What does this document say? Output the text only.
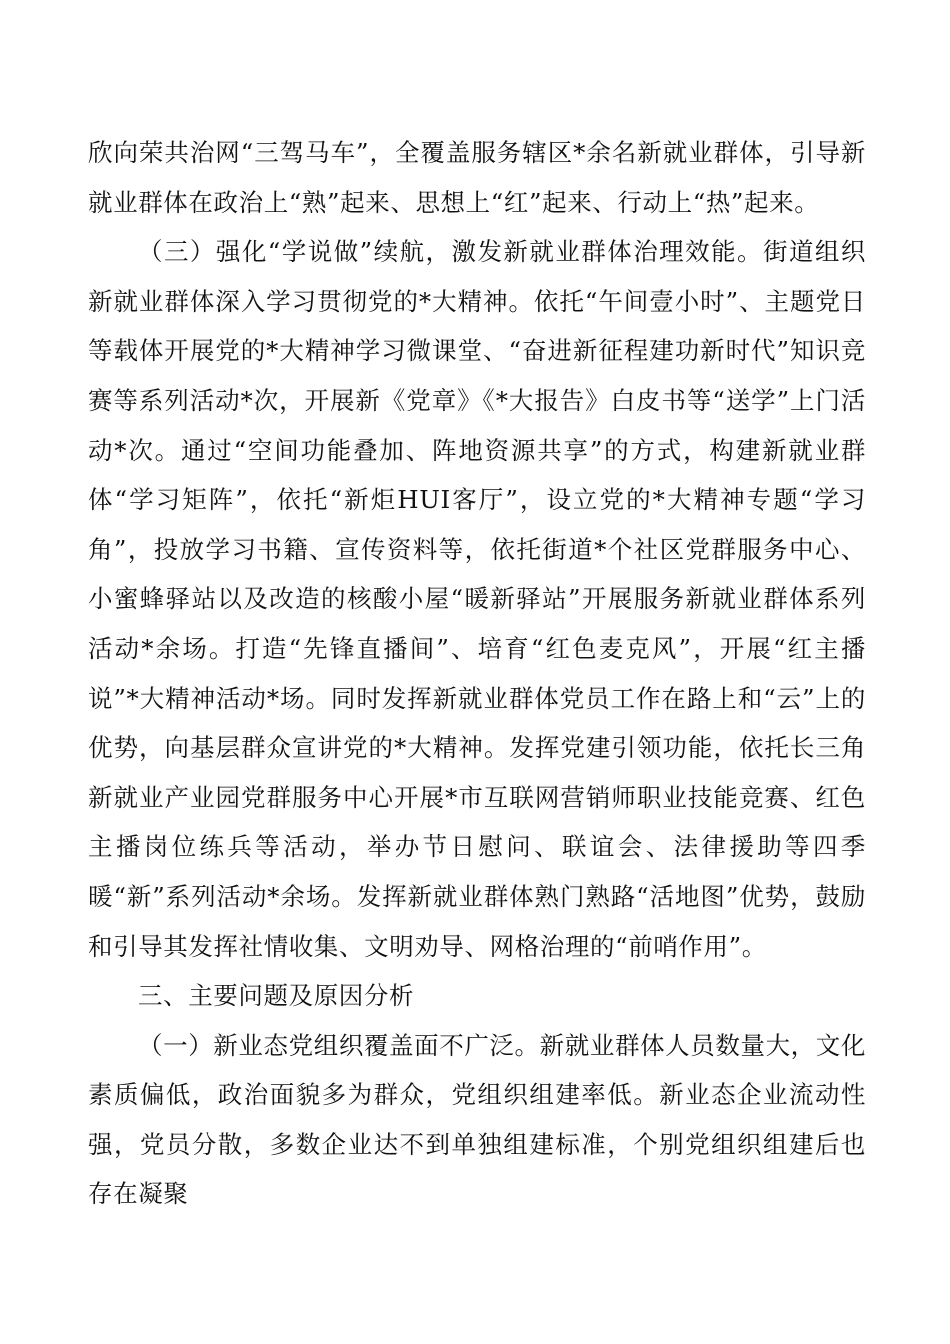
欣向荣共治网“三驾马车”，全覆盖服务辖区*余名新就业群体，引导新就业群体在政治上“熟”起来、思想上“红”起来、行动上“热”起来。

（三）强化“学说做”续航，激发新就业群体治理效能。街道组织新就业群体深入学习贯彻党的*大精神。依托“午间壹小时”、主题党日等载体开展党的*大精神学习微课堂、“奋进新征程建功新时代”知识竞赛等系列活动*次，开展新《党章》《*大报告》白皮书等“送学”上门活动*次。通过“空间功能叠加、阵地资源共享”的方式，构建新就业群体“学习矩阵”，依托“新炬HUI客厅”，设立党的*大精神专题“学习角”，投放学习书籍、宣传资料等，依托街道*个社区党群服务中心、小蜜蜂驿站以及改造的核酸小屋“暖新驿站”开展服务新就业群体系列活动*余场。打造“先锋直播间”、培育“红色麦克风”，开展“红主播说”*大精神活动*场。同时发挥新就业群体党员工作在路上和“云”上的优势，向基层群众宣讲党的*大精神。发挥党建引领功能，依托长三角新就业产业园党群服务中心开展*市互联网营销师职业技能竞赛、红色主播岗位练兵等活动，举办节日慰问、联谊会、法律援助等四季暖“新”系列活动*余场。发挥新就业群体熟门熟路“活地图”优势，鼓励和引导其发挥社情收集、文明劝导、网格治理的“前哨作用”。

三、主要问题及原因分析

（一）新业态党组织覆盖面不广泛。新就业群体人员数量大，文化素质偏低，政治面貌多为群众，党组织组建率低。新业态企业流动性强，党员分散，多数企业达不到单独组建标准，个别党组织组建后也存在凝聚
